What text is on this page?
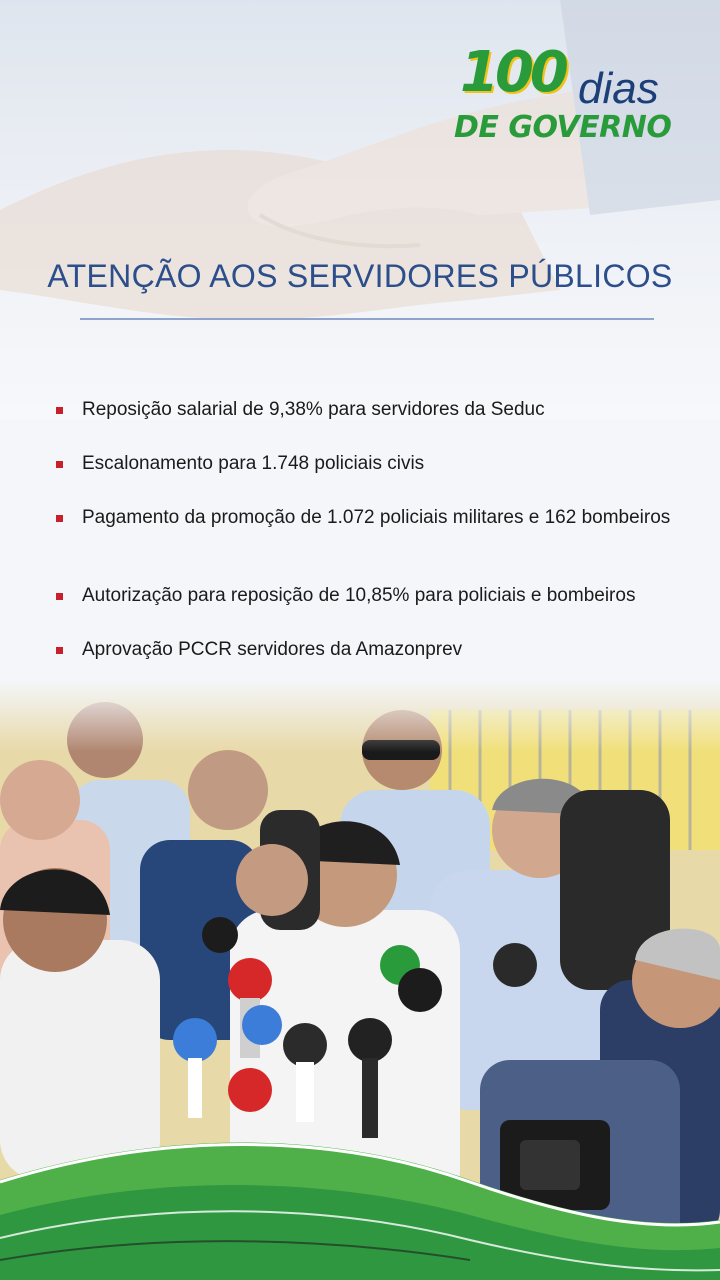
100 dias
DE GOVERNO
ATENÇÃO AOS SERVIDORES PÚBLICOS
Reposição salarial de 9,38% para servidores da Seduc
Escalonamento para 1.748 policiais civis
Pagamento da promoção de 1.072 policiais militares e 162 bombeiros
Autorização para reposição de 10,85% para policiais e bombeiros
Aprovação PCCR servidores da Amazonprev
